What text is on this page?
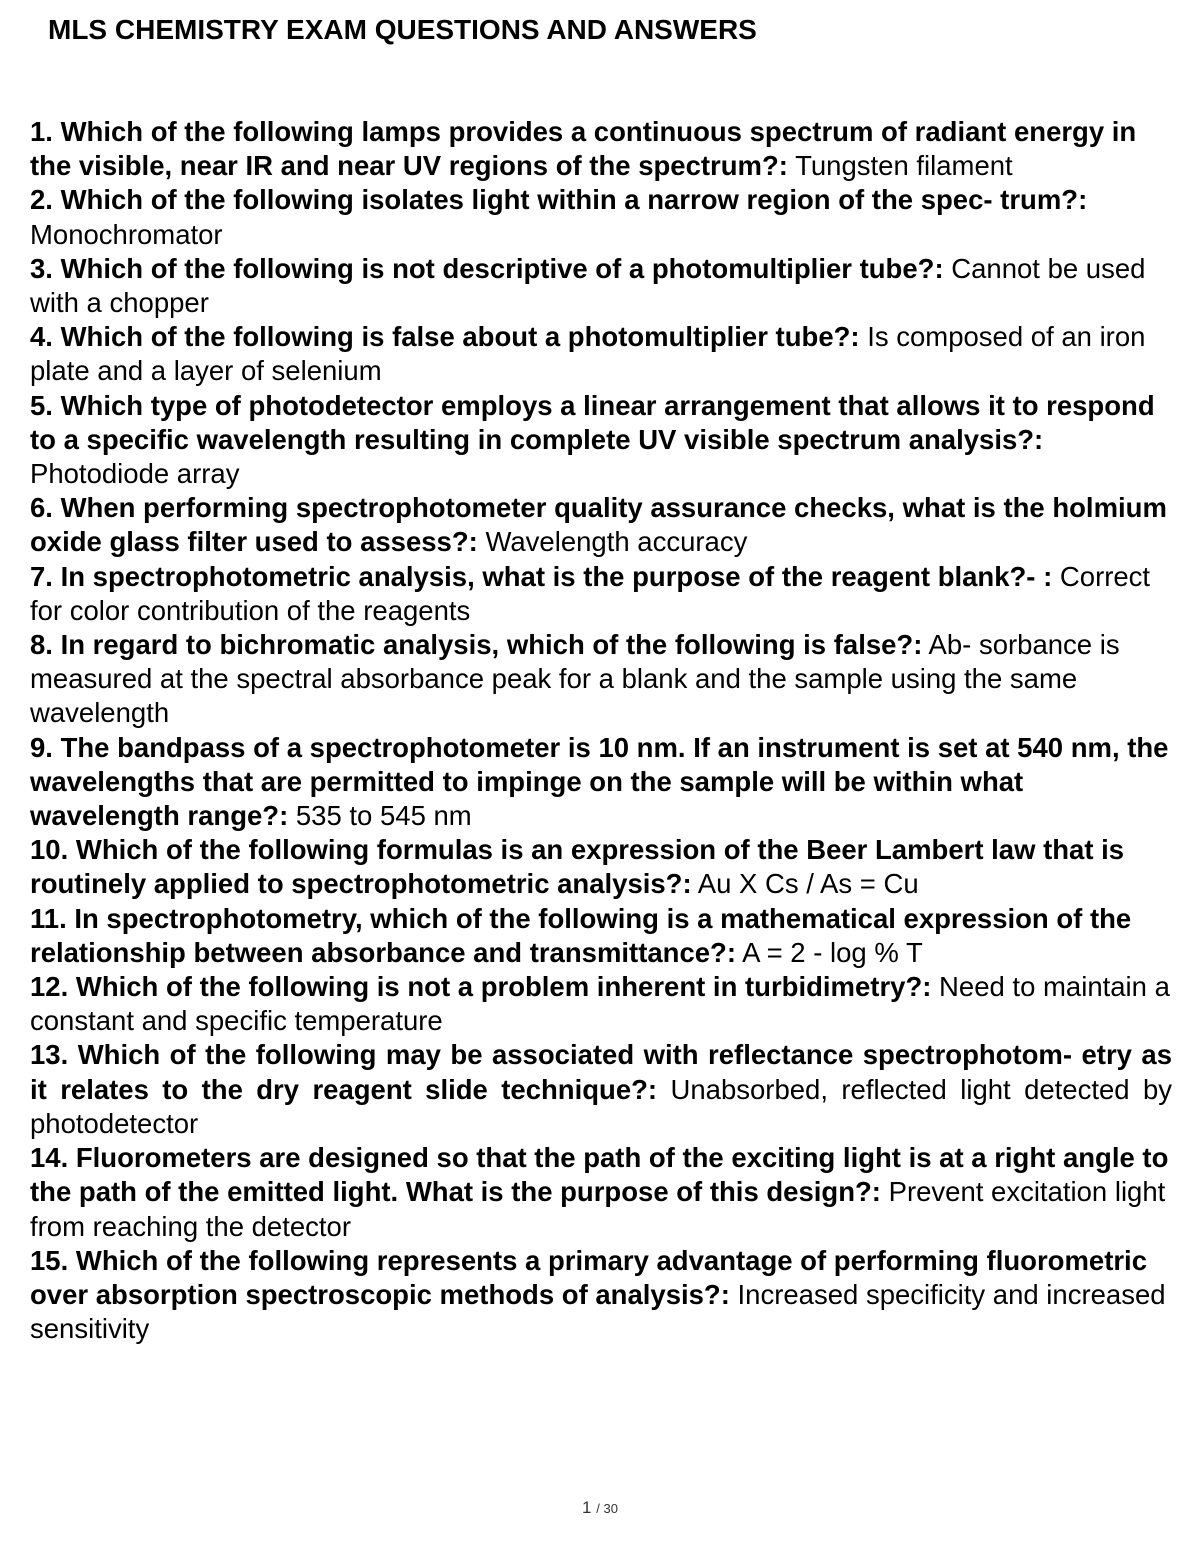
MLS CHEMISTRY EXAM QUESTIONS AND ANSWERS

1. Which of the following lamps provides a continuous spectrum of radiant energy in the visible, near IR and near UV regions of the spectrum?: Tungsten filament

2. Which of the following isolates light within a narrow region of the spec- trum?: Monochromator

3. Which of the following is not descriptive of a photomultiplier tube?: Cannot be used with a chopper

4. Which of the following is false about a photomultiplier tube?: Is composed of an iron plate and a layer of selenium

5. Which type of photodetector employs a linear arrangement that allows it to respond to a specific wavelength resulting in complete UV visible spectrum analysis?: Photodiode array

6. When performing spectrophotometer quality assurance checks, what is the holmium oxide glass filter used to assess?: Wavelength accuracy

7. In spectrophotometric analysis, what is the purpose of the reagent blank?- : Correct for color contribution of the reagents

8. In regard to bichromatic analysis, which of the following is false?: Ab- sorbance is measured at the spectral absorbance peak for a blank and the sample using the same wavelength

9. The bandpass of a spectrophotometer is 10 nm. If an instrument is set at 540 nm, the wavelengths that are permitted to impinge on the sample will be within what wavelength range?: 535 to 545 nm

10. Which of the following formulas is an expression of the Beer Lambert law that is routinely applied to spectrophotometric analysis?: Au X Cs / As = Cu

11. In spectrophotometry, which of the following is a mathematical expression of the relationship between absorbance and transmittance?: A = 2 - log % T

12. Which of the following is not a problem inherent in turbidimetry?: Need to maintain a constant and specific temperature

13. Which of the following may be associated with reflectance spectrophotom- etry as it relates to the dry reagent slide technique?: Unabsorbed, reflected light detected by photodetector

14. Fluorometers are designed so that the path of the exciting light is at a right angle to the path of the emitted light. What is the purpose of this design?: Prevent excitation light from reaching the detector

15. Which of the following represents a primary advantage of performing fluorometric over absorption spectroscopic methods of analysis?: Increased specificity and increased sensitivity

1 / 30
